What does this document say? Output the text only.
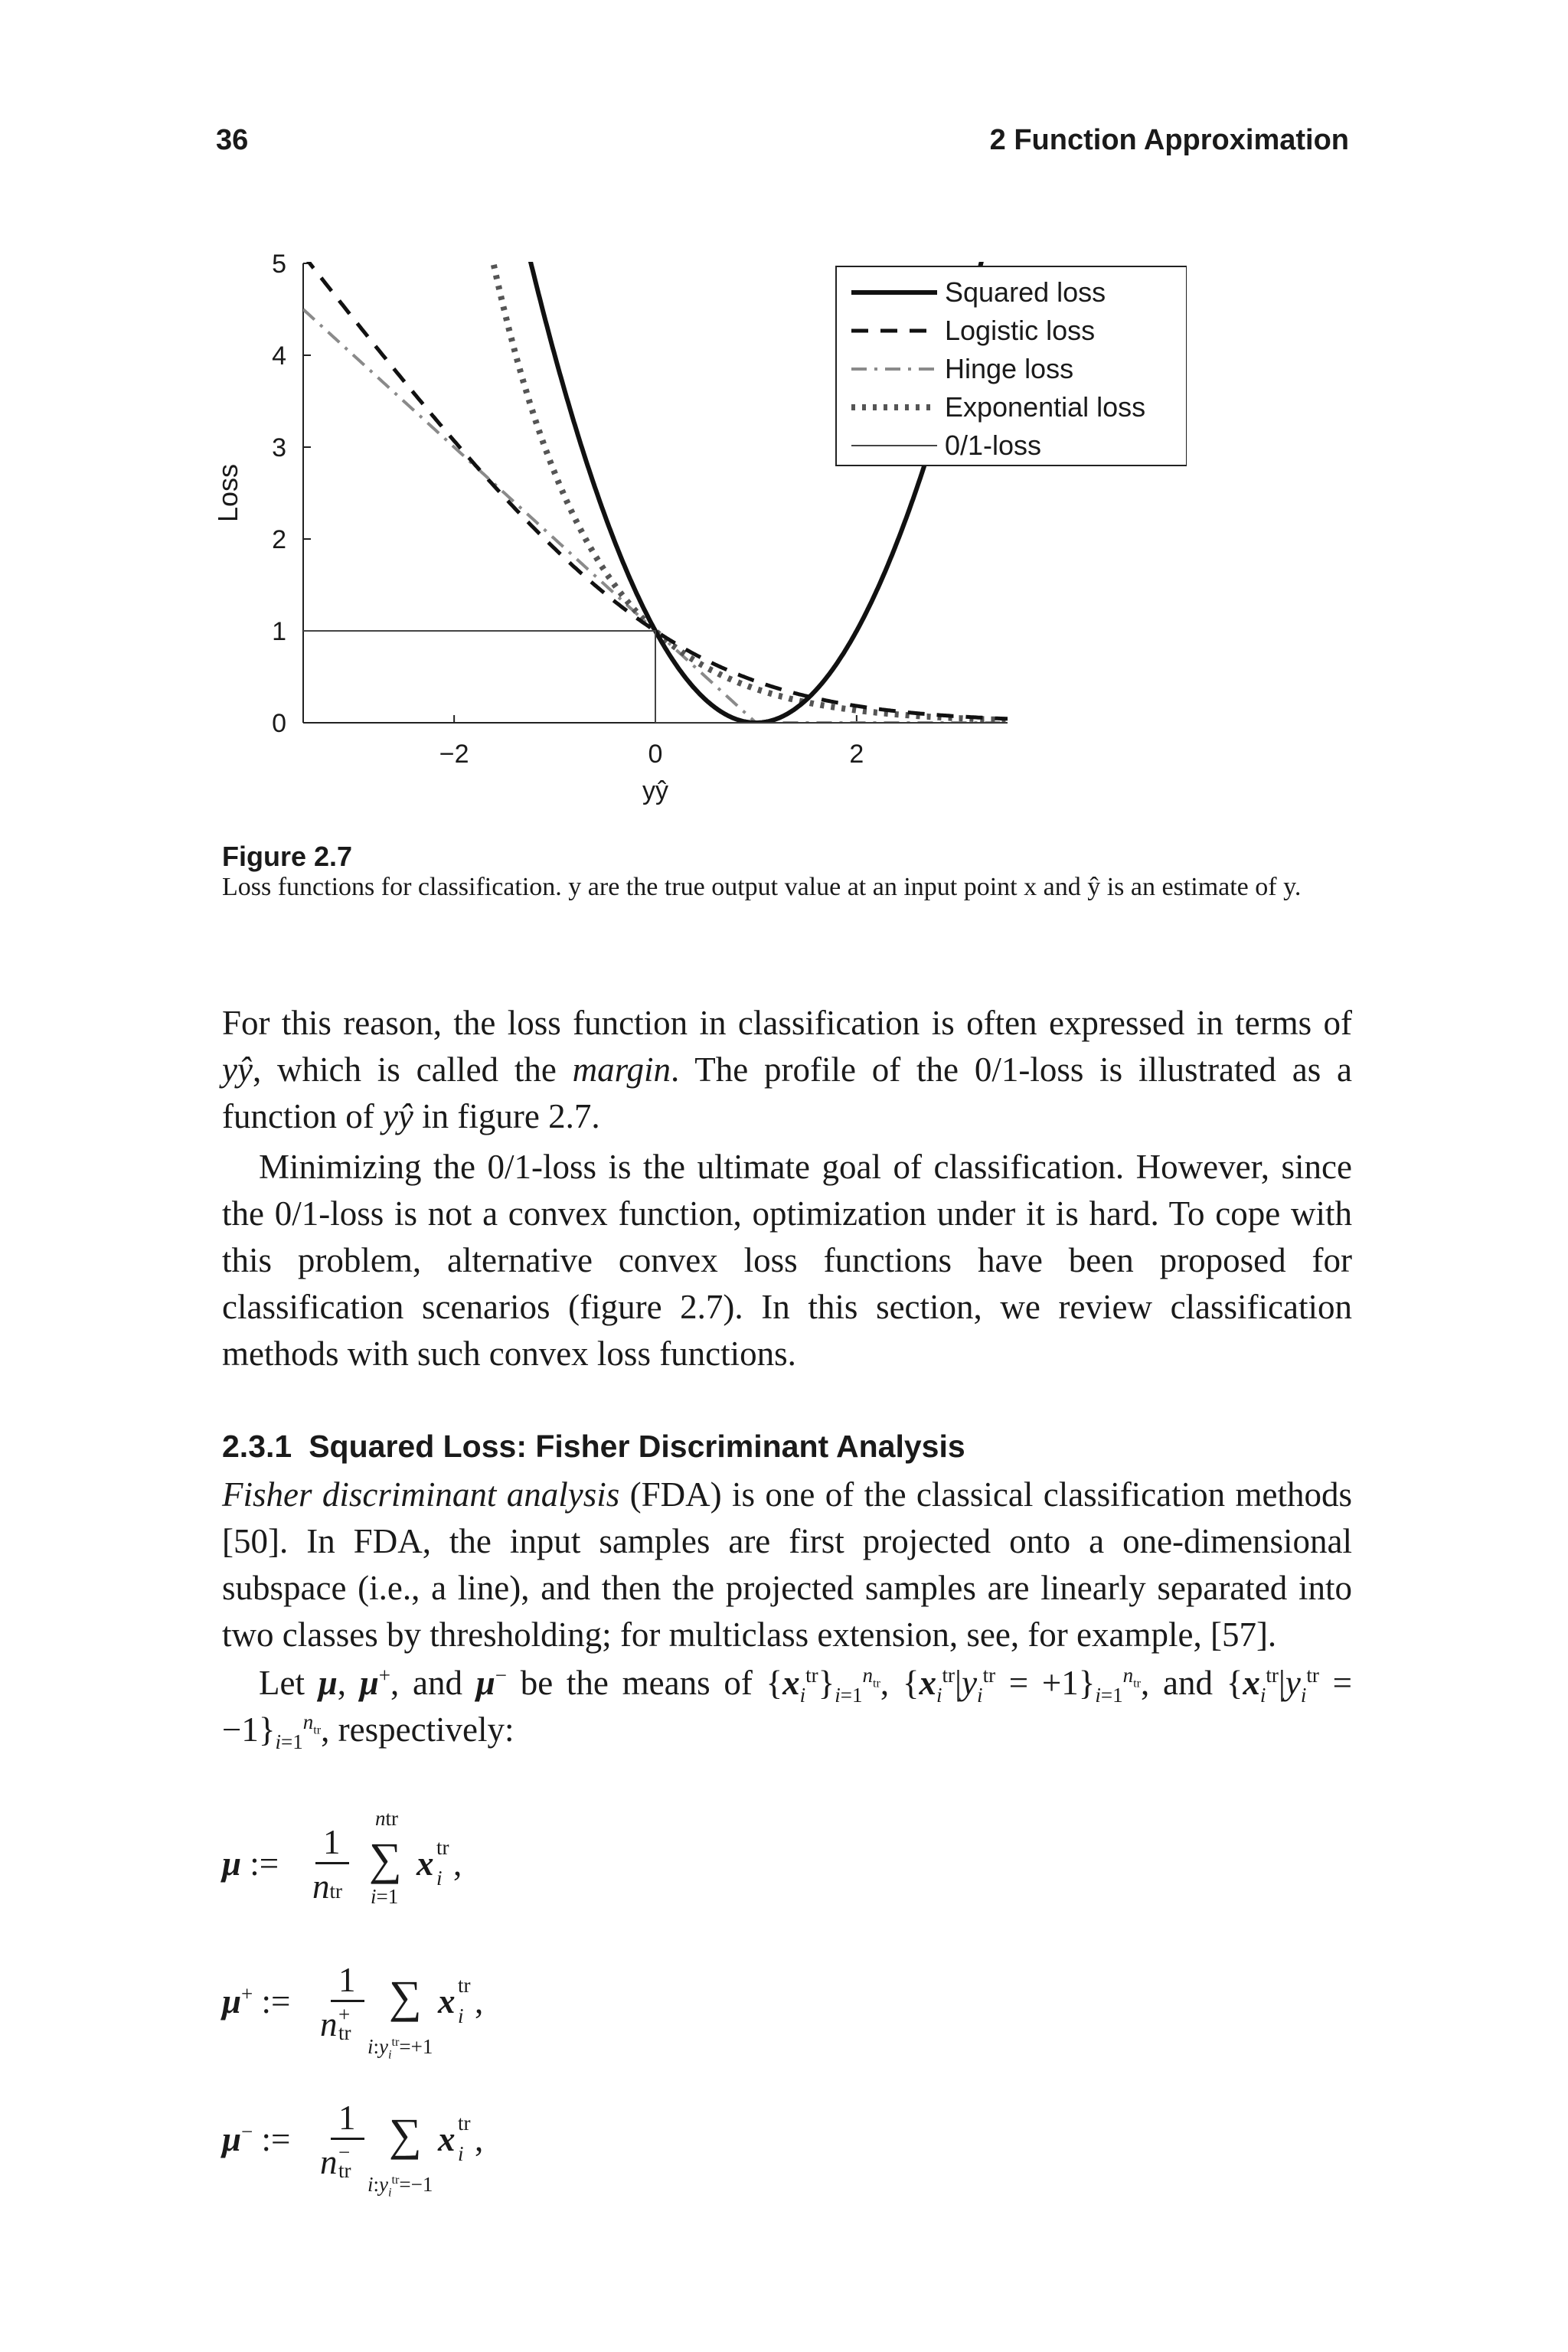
36	2 Function Approximation
0
1
2
3
4
5
−2	0	2
yŷ
Loss
Squared loss
Logistic loss
Hinge loss
Exponential loss
0/1-loss
Figure 2.7
Loss functions for classification. y are the true output value at an input point x and ŷ is an estimate of y.
For this reason, the loss function in classification is often expressed in terms of yŷ, which is called the margin. The profile of the 0/1-loss is illustrated as a function of yŷ in figure 2.7.
Minimizing the 0/1-loss is the ultimate goal of classification. However, since the 0/1-loss is not a convex function, optimization under it is hard. To cope with this problem, alternative convex loss functions have been proposed for classification scenarios (figure 2.7). In this section, we review classification methods with such convex loss functions.
2.3.1 Squared Loss: Fisher Discriminant Analysis
Fisher discriminant analysis (FDA) is one of the classical classification methods [50]. In FDA, the input samples are first projected onto a one-dimensional subspace (i.e., a line), and then the projected samples are linearly separated into two classes by thresholding; for multiclass extension, see, for example, [57].
Let μ, μ+, and μ− be the means of $\{x_i^{tr}\}_{i=1}^{n_{tr}}$, $\{x_i^{tr}|y_i^{tr} = +1\}_{i=1}^{n_{tr}}$, and $\{x_i^{tr}|y_i^{tr} = -1\}_{i=1}^{n_{tr}}$, respectively:
μ :=
1
ntr
ntr
∑
i=1
x tr
i ,
μ+ :=
1
n +
tr
∑
$i:y_i^{tr}=+1$
x tr
i ,
μ− :=
1
n −
tr
∑
$i:y_i^{tr}=-1$
x tr
i ,
